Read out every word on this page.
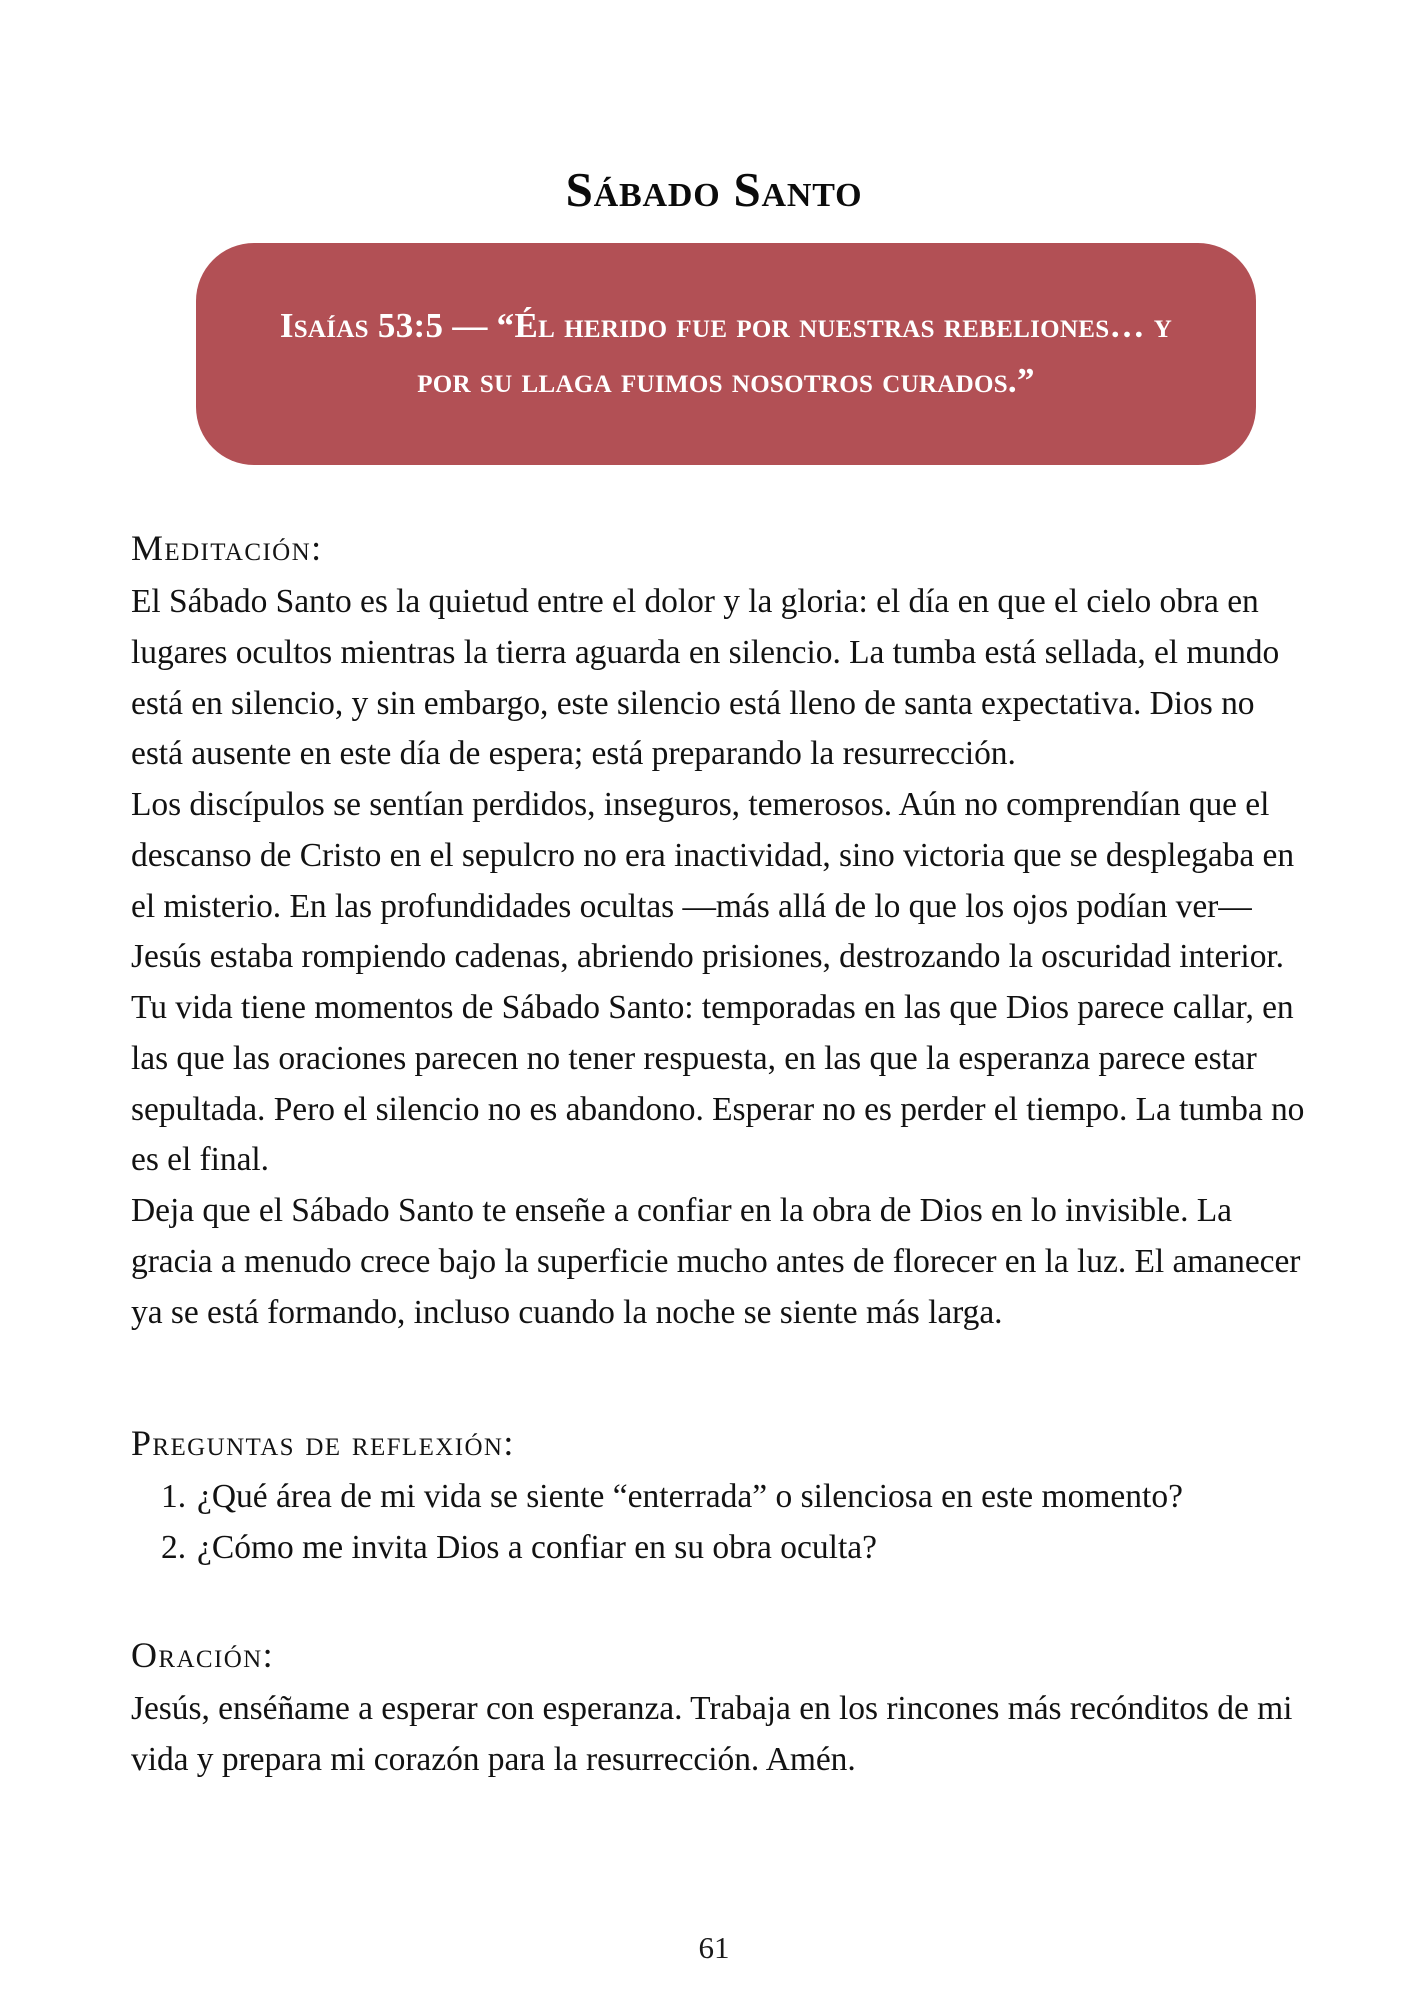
Sábado Santo
Isaías 53:5 — “Él herido fue por nuestras rebeliones… y por su llaga fuimos nosotros curados.”
Meditación:

El Sábado Santo es la quietud entre el dolor y la gloria: el día en que el cielo obra en lugares ocultos mientras la tierra aguarda en silencio. La tumba está sellada, el mundo está en silencio, y sin embargo, este silencio está lleno de santa expectativa. Dios no está ausente en este día de espera; está preparando la resurrección.

Los discípulos se sentían perdidos, inseguros, temerosos. Aún no comprendían que el descanso de Cristo en el sepulcro no era inactividad, sino victoria que se desplegaba en el misterio. En las profundidades ocultas —más allá de lo que los ojos podían ver— Jesús estaba rompiendo cadenas, abriendo prisiones, destrozando la oscuridad interior.

Tu vida tiene momentos de Sábado Santo: temporadas en las que Dios parece callar, en las que las oraciones parecen no tener respuesta, en las que la esperanza parece estar sepultada. Pero el silencio no es abandono. Esperar no es perder el tiempo. La tumba no es el final.

Deja que el Sábado Santo te enseñe a confiar en la obra de Dios en lo invisible. La gracia a menudo crece bajo la superficie mucho antes de florecer en la luz. El amanecer ya se está formando, incluso cuando la noche se siente más larga.

Preguntas de reflexión:
1. ¿Qué área de mi vida se siente “enterrada” o silenciosa en este momento?
2. ¿Cómo me invita Dios a confiar en su obra oculta?
Oración:

Jesús, enséñame a esperar con esperanza. Trabaja en los rincones más recónditos de mi vida y prepara mi corazón para la resurrección. Amén.

61
